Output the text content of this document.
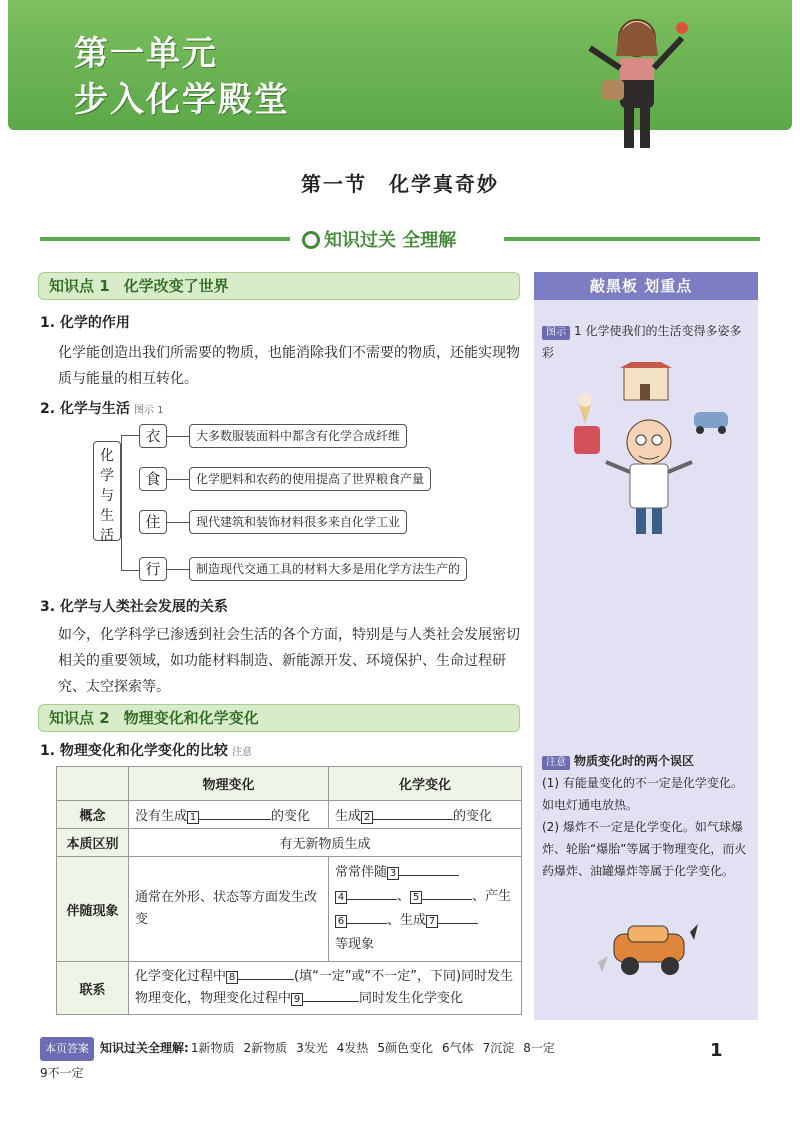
第一单元
步入化学殿堂
第一节　化学真奇妙
知识过关 全理解
知识点 1 化学改变了世界
1. 化学的作用
化学能创造出我们所需要的物质，也能消除我们不需要的物质，还能实现物质与能量的相互转化。
2. 化学与生活 图示 1
化学与生活
衣	大多数服装面料中都含有化学合成纤维
食	化学肥料和农药的使用提高了世界粮食产量
住	现代建筑和装饰材料很多来自化学工业
行	制造现代交通工具的材料大多是用化学方法生产的
3. 化学与人类社会发展的关系
如今，化学科学已渗透到社会生活的各个方面，特别是与人类社会发展密切相关的重要领域，如功能材料制造、新能源开发、环境保护、生命过程研究、太空探索等。
知识点 2 物理变化和化学变化
1. 物理变化和化学变化的比较 注意
	物理变化	化学变化
概念	没有生成 1 的变化	生成 2 的变化
本质区别	有无新物质生成	
伴随现象	通常在外形、状态等方面发生改变	常常伴随 3
4 、 5 、产生6 、生成 7
等现象
联系	化学变化过程中 8 (填“一定”或“不一定”，下同)同时发生物理变化，物理变化过程中 9 同时发生化学变化	
敲黑板 划重点
图示 1 化学使我们的生活变得多姿多彩
注意 物质变化时的两个误区
(1) 有能量变化的不一定是化学变化。如电灯通电放热。
(2) 爆炸不一定是化学变化。如气球爆炸、轮胎“爆胎”等属于物理变化，而火药爆炸、油罐爆炸等属于化学变化。
本页答案 知识过关全理解: 1新物质 2新物质 3发光 4发热 5颜色变化 6气体 7沉淀 8一定
9不一定
1
